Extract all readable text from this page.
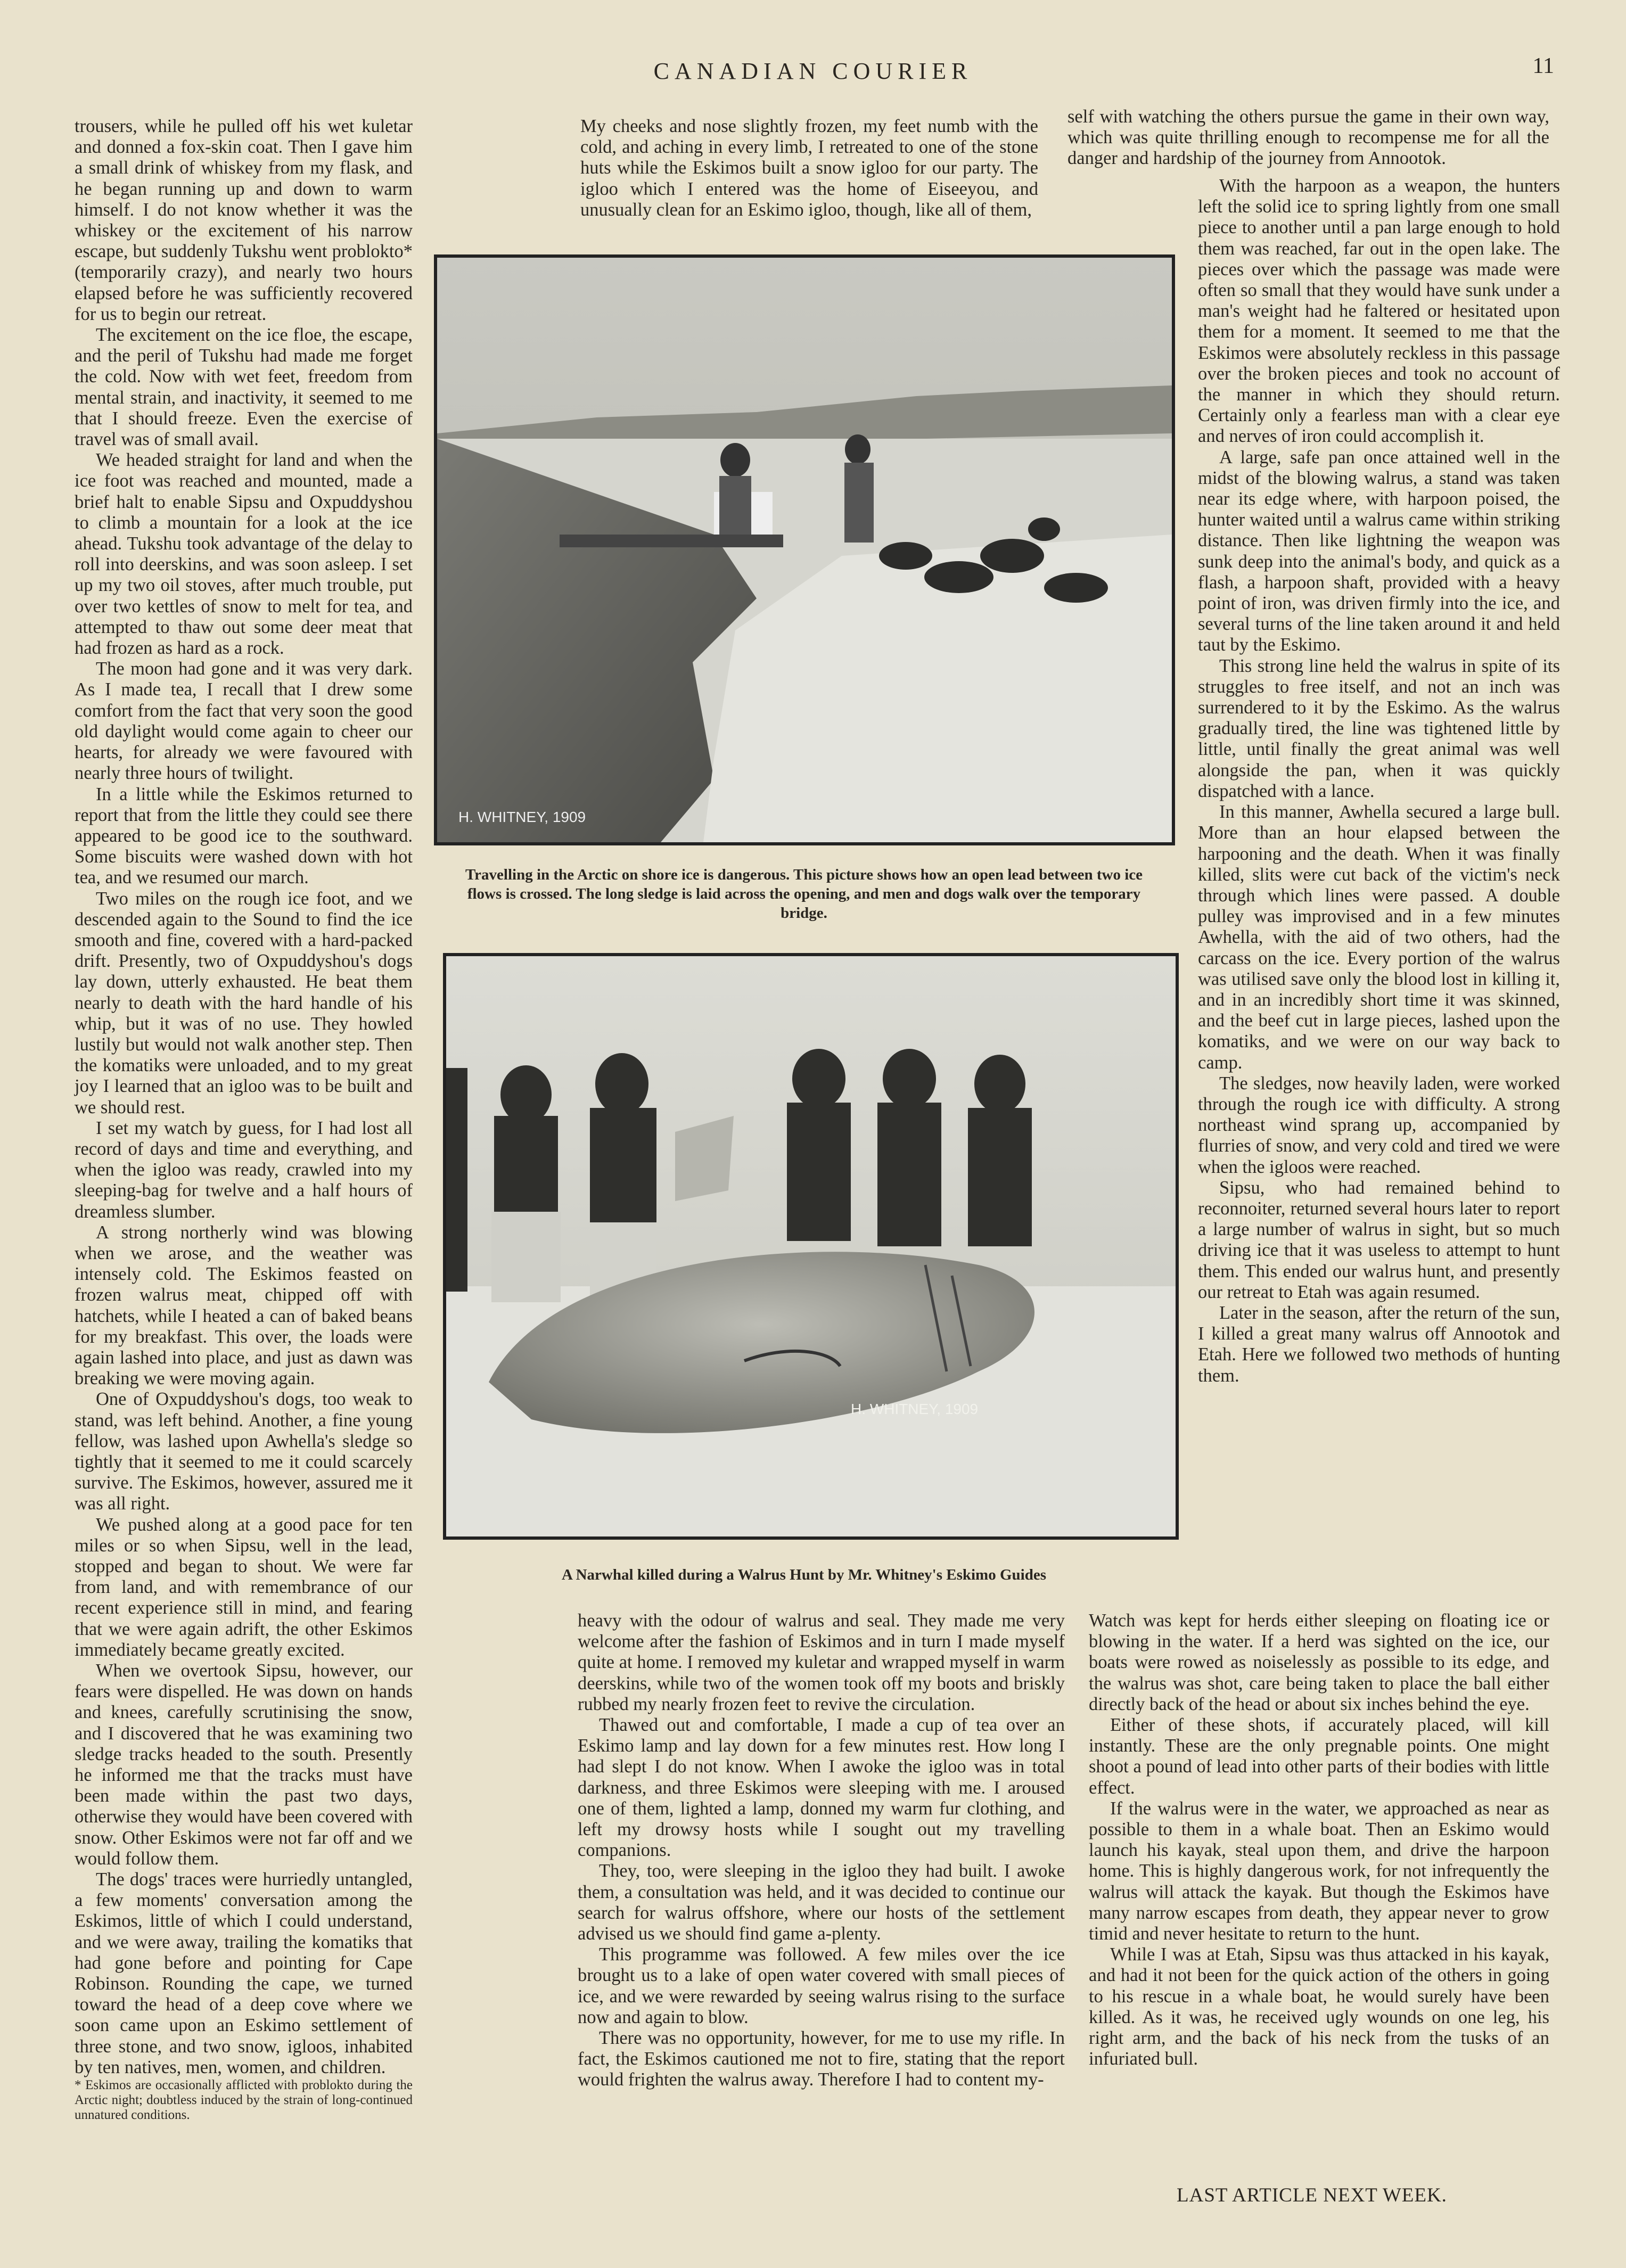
CANADIAN COURIER	11

trousers, while he pulled off his wet kuletar and donned a fox-skin coat. Then I gave him a small drink of whiskey from my flask, and he began running up and down to warm himself. I do not know whether it was the whiskey or the excitement of his narrow escape, but suddenly Tukshu went problokto* (temporarily crazy), and nearly two hours elapsed before he was sufficiently recovered for us to begin our retreat.

The excitement on the ice floe, the escape, and the peril of Tukshu had made me forget the cold. Now with wet feet, freedom from mental strain, and inactivity, it seemed to me that I should freeze. Even the exercise of travel was of small avail.

We headed straight for land and when the ice foot was reached and mounted, made a brief halt to enable Sipsu and Oxpuddyshou to climb a mountain for a look at the ice ahead. Tukshu took advantage of the delay to roll into deerskins, and was soon asleep. I set up my two oil stoves, after much trouble, put over two kettles of snow to melt for tea, and attempted to thaw out some deer meat that had frozen as hard as a rock.

The moon had gone and it was very dark. As I made tea, I recall that I drew some comfort from the fact that very soon the good old daylight would come again to cheer our hearts, for already we were favoured with nearly three hours of twilight.

In a little while the Eskimos returned to report that from the little they could see there appeared to be good ice to the southward. Some biscuits were washed down with hot tea, and we resumed our march.

Two miles on the rough ice foot, and we descended again to the Sound to find the ice smooth and fine, covered with a hard-packed drift. Presently, two of Oxpuddyshou's dogs lay down, utterly exhausted. He beat them nearly to death with the hard handle of his whip, but it was of no use. They howled lustily but would not walk another step. Then the komatiks were unloaded, and to my great joy I learned that an igloo was to be built and we should rest.

I set my watch by guess, for I had lost all record of days and time and everything, and when the igloo was ready, crawled into my sleeping-bag for twelve and a half hours of dreamless slumber.

A strong northerly wind was blowing when we arose, and the weather was intensely cold. The Eskimos feasted on frozen walrus meat, chipped off with hatchets, while I heated a can of baked beans for my breakfast. This over, the loads were again lashed into place, and just as dawn was breaking we were moving again.

One of Oxpuddyshou's dogs, too weak to stand, was left behind. Another, a fine young fellow, was lashed upon Awhella's sledge so tightly that it seemed to me it could scarcely survive. The Eskimos, however, assured me it was all right.

We pushed along at a good pace for ten miles or so when Sipsu, well in the lead, stopped and began to shout. We were far from land, and with remembrance of our recent experience still in mind, and fearing that we were again adrift, the other Eskimos immediately became greatly excited.

When we overtook Sipsu, however, our fears were dispelled. He was down on hands and knees, carefully scrutinising the snow, and I discovered that he was examining two sledge tracks headed to the south. Presently he informed me that the tracks must have been made within the past two days, otherwise they would have been covered with snow. Other Eskimos were not far off and we would follow them.

The dogs' traces were hurriedly untangled, a few moments' conversation among the Eskimos, little of which I could understand, and we were away, trailing the komatiks that had gone before and pointing for Cape Robinson. Rounding the cape, we turned toward the head of a deep cove where we soon came upon an Eskimo settlement of three stone, and two snow, igloos, inhabited by ten natives, men, women, and children.

* Eskimos are occasionally afflicted with problokto during the Arctic night; doubtless induced by the strain of long-continued unnatured conditions.

My cheeks and nose slightly frozen, my feet numb with the cold, and aching in every limb, I retreated to one of the stone huts while the Eskimos built a snow igloo for our party. The igloo which I entered was the home of Eiseeyou, and unusually clean for an Eskimo igloo, though, like all of them,

self with watching the others pursue the game in their own way, which was quite thrilling enough to recompense me for all the danger and hardship of the journey from Annootok.

With the harpoon as a weapon, the hunters left the solid ice to spring lightly from one small piece to another until a pan large enough to hold them was reached, far out in the open lake. The pieces over which the passage was made were often so small that they would have sunk under a man's weight had he faltered or hesitated upon them for a moment. It seemed to me that the Eskimos were absolutely reckless in this passage over the broken pieces and took no account of the manner in which they should return. Certainly only a fearless man with a clear eye and nerves of iron could accomplish it.

A large, safe pan once attained well in the midst of the blowing walrus, a stand was taken near its edge where, with harpoon poised, the hunter waited until a walrus came within striking distance. Then like lightning the weapon was sunk deep into the animal's body, and quick as a flash, a harpoon shaft, provided with a heavy point of iron, was driven firmly into the ice, and several turns of the line taken around it and held taut by the Eskimo.

This strong line held the walrus in spite of its struggles to free itself, and not an inch was surrendered to it by the Eskimo. As the walrus gradually tired, the line was tightened little by little, until finally the great animal was well alongside the pan, when it was quickly dispatched with a lance.

In this manner, Awhella secured a large bull. More than an hour elapsed between the harpooning and the death. When it was finally killed, slits were cut back of the victim's neck through which lines were passed. A double pulley was improvised and in a few minutes Awhella, with the aid of two others, had the carcass on the ice. Every portion of the walrus was utilised save only the blood lost in killing it, and in an incredibly short time it was skinned, and the beef cut in large pieces, lashed upon the komatiks, and we were on our way back to camp.

The sledges, now heavily laden, were worked through the rough ice with difficulty. A strong northeast wind sprang up, accompanied by flurries of snow, and very cold and tired we were when the igloos were reached.

Sipsu, who had remained behind to reconnoiter, returned several hours later to report a large number of walrus in sight, but so much driving ice that it was useless to attempt to hunt them. This ended our walrus hunt, and presently our retreat to Etah was again resumed.

Later in the season, after the return of the sun, I killed a great many walrus off Annootok and Etah. Here we followed two methods of hunting them.

H. WHITNEY, 1909
Travelling in the Arctic on shore ice is dangerous. This picture shows how an open lead between two ice flows is crossed. The long sledge is laid across the opening, and men and dogs walk over the temporary bridge.
H. WHITNEY, 1909
A Narwhal killed during a Walrus Hunt by Mr. Whitney's Eskimo Guides

heavy with the odour of walrus and seal. They made me very welcome after the fashion of Eskimos and in turn I made myself quite at home. I removed my kuletar and wrapped myself in warm deerskins, while two of the women took off my boots and briskly rubbed my nearly frozen feet to revive the circulation.

Thawed out and comfortable, I made a cup of tea over an Eskimo lamp and lay down for a few minutes rest. How long I had slept I do not know. When I awoke the igloo was in total darkness, and three Eskimos were sleeping with me. I aroused one of them, lighted a lamp, donned my warm fur clothing, and left my drowsy hosts while I sought out my travelling companions.

They, too, were sleeping in the igloo they had built. I awoke them, a consultation was held, and it was decided to continue our search for walrus offshore, where our hosts of the settlement advised us we should find game a-plenty.

This programme was followed. A few miles over the ice brought us to a lake of open water covered with small pieces of ice, and we were rewarded by seeing walrus rising to the surface now and again to blow.

There was no opportunity, however, for me to use my rifle. In fact, the Eskimos cautioned me not to fire, stating that the report would frighten the walrus away. Therefore I had to content my-

Watch was kept for herds either sleeping on floating ice or blowing in the water. If a herd was sighted on the ice, our boats were rowed as noiselessly as possible to its edge, and the walrus was shot, care being taken to place the ball either directly back of the head or about six inches behind the eye.

Either of these shots, if accurately placed, will kill instantly. These are the only pregnable points. One might shoot a pound of lead into other parts of their bodies with little effect.

If the walrus were in the water, we approached as near as possible to them in a whale boat. Then an Eskimo would launch his kayak, steal upon them, and drive the harpoon home. This is highly dangerous work, for not infrequently the walrus will attack the kayak. But though the Eskimos have many narrow escapes from death, they appear never to grow timid and never hesitate to return to the hunt.

While I was at Etah, Sipsu was thus attacked in his kayak, and had it not been for the quick action of the others in going to his rescue in a whale boat, he would surely have been killed. As it was, he received ugly wounds on one leg, his right arm, and the back of his neck from the tusks of an infuriated bull.

LAST ARTICLE NEXT WEEK.
